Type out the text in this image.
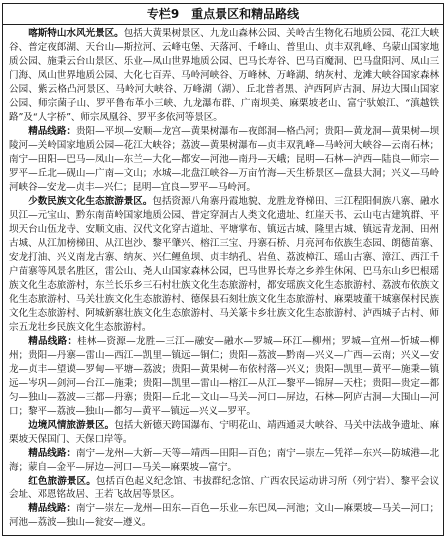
专栏9　重点景区和精品路线

喀斯特山水风光景区。包括大黄果树景区、九龙山森林公园、关岭古生物化石地质公园、花江大峡谷、普定夜郎湖、天台山—斯拉河、云峰屯堡、天落河、千峰山、普里山、贞丰双乳峰、乌蒙山国家地质公园、施秉云台山景区、乐业—凤山世界地质公园、巴马长寿谷、巴马百魔洞、巴马盘阳河、凤山三门海、凤山世界地质公园、大化七百弄、马岭河峡谷、万峰林、万峰湖、纳灰村、龙滩大峡谷国家森林公园、紫云格凸河景区、马岭河大峡谷、万峰湖（湖）、丘北普者黑、泸西阿庐古洞、屏边大围山国家公园、师宗菌子山、罗平鲁布革小三峡、九龙瀑布群、广南坝美、麻栗坡老山、富宁驮娘江、“滇越铁路”及“人字桥”、师宗凤凰谷、罗平多依河等景区。

精品线路：贵阳—平坝—安顺—龙宫—黄果树瀑布—夜郎洞—格凸河；贵阳—黄龙洞—黄果树—坝陵河—关岭国家地质公园—花江大峡谷；荔波—黄果树瀑布—贞丰双乳峰—马岭河大峡谷—云南石林；南宁—田阳—巴马—凤山—东兰—大化—都安—河池—南丹—天峨；昆明—石林—泸西—陆良—师宗—罗平—丘北—砚山—广南—文山；水城—北盘江峡谷—万亩竹海—天生桥景区—盘县大洞；兴义—马岭河峡谷—安龙—贞丰—兴仁；昆明—宜良—罗平—马岭河。

少数民族文化生态旅游景区。包括资源八角寨丹霞地貌、龙胜龙脊梯田、三江程阳侗族八寨、融水贝江—元宝山、黔东南苗岭国家地质公园、普定穿洞古人类文化遗址、红崖天书、云山屯古建筑群、平坝天台山伍龙寺、安顺文庙、汉代文化穿古道址、平塘掌布、镇远古城、隆里古城、镇远青龙洞、田州古城、从江加榜梯田、从江岜沙、黎平肇兴、榕江三宝、丹寨石桥、月亮河布依族生态园、朗德苗寨、安龙打油、兴义南龙古寨、纳灰、兴仁鲤鱼坝、贞丰纳孔、岩鱼、荔波樟江、瑶山古寨、漳江、西江千户苗寨等风景名胜区，雷公山、尧人山国家森林公园，巴马世界长寿之乡养生休闲、巴马东山乡巴根瑶族文化生态旅游村，东兰长乐乡三石村壮族文化生态旅游村，都安瑶族文化生态旅游村、荔波布依族文化生态旅游村、马关壮族文化生态旅游村、德保县石刻壮族文化生态旅游村、麻栗坡董干城寨保村民族文化生态旅游村、阿城新寨壮族文化生态旅游村、马关篆卡乡壮族文化生态旅游村、泸西城子古村、师宗五龙壮乡民族文化生态旅游村。

精品线路：桂林—资源—龙胜—三江—融安—融水—罗城—环江—柳州；罗城—宜州—忻城—柳州；贵阳—丹寨—雷山—西江—凯里—镇远—铜仁；贵阳—荔波—黔南—兴义—广西—云南；兴义—安龙—贞丰—望谟—罗甸—平塘—荔波；贵阳—黄果树—布依村落—兴义；贵阳—凯里—黄平—施秉—镇远—岑巩—剑河—台江—施秉；贵阳—凯里—雷山—榕江—从江—黎平—锦屏—天柱；贵阳—贵定—都匀—独山—荔波—三都—丹寨；贵阳—丘北—文山—马关—河口—屏边，石林—阿庐古洞—大围山—河口；黎平—荔波—独山—都匀—黄平—镇远—兴义—罗平。

边境风情旅游景区。包括大新德天跨国瀑布、宁明花山、靖西通灵大峡谷、马关中法战争遗址、麻栗坡天保国门、天保口岸等。

精品线路：南宁—龙州—大新—天等—靖西—田阳—百色；南宁—崇左—凭祥—东兴—防城港—北海；蒙自—金平—屏边—河口—马关—麻栗坡—富宁。

红色旅游景区。包括百色起义纪念馆、韦拔群纪念馆、广西农民运动讲习所（列宁岩）、黎平会议会址、邓恩铭故居、王若飞故居等景区。

精品线路：南宁—崇左—龙州—田东—百色—乐业—东巴凤—河池；文山—麻栗坡—马关—河口；河池—荔波—独山—瓮安—遵义。
